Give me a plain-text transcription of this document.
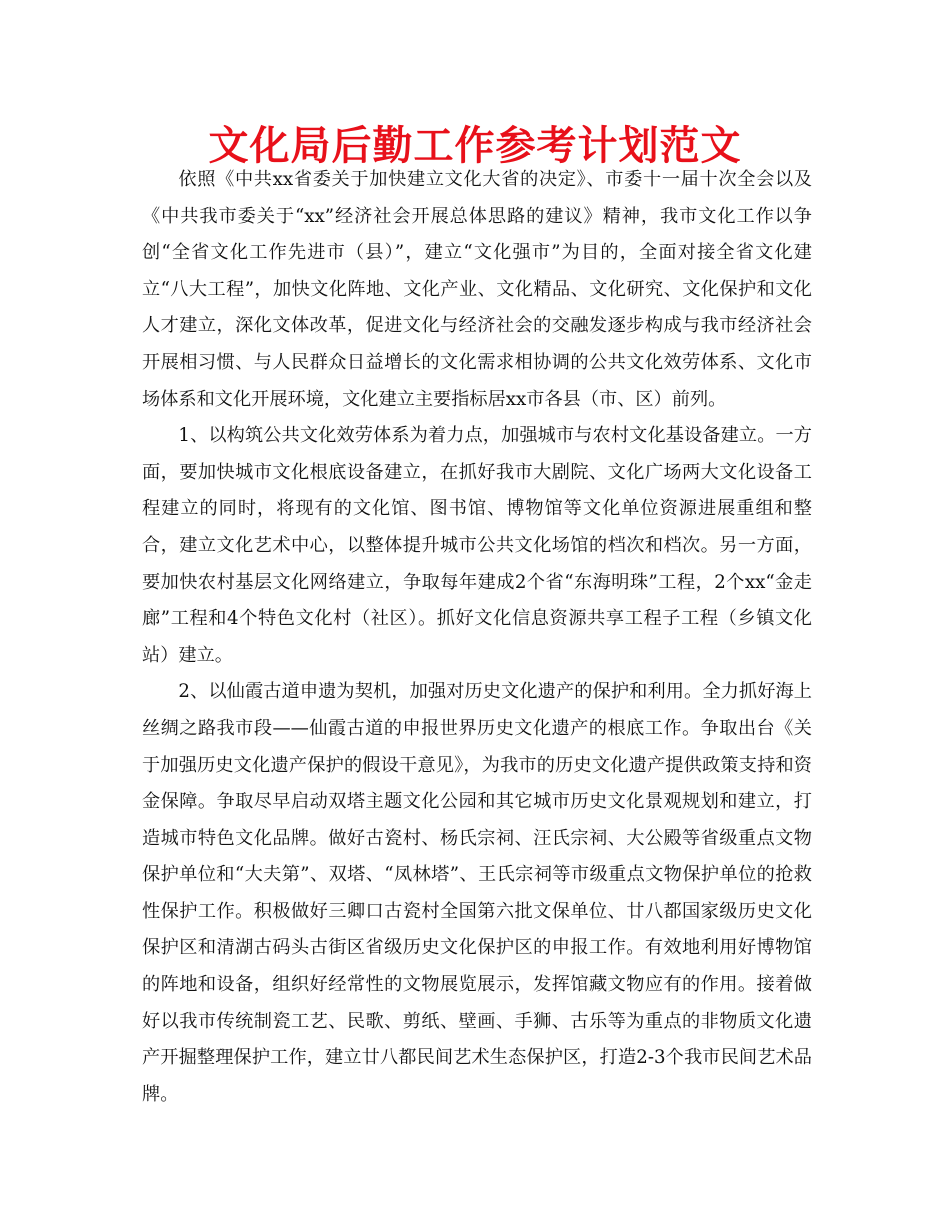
文化局后勤工作参考计划范文

依照《中共xx省委关于加快建立文化大省的决定》、市委十一届十次全会以及《中共我市委关于“xx”经济社会开展总体思路的建议》精神，我市文化工作以争创“全省文化工作先进市（县）”，建立“文化强市”为目的，全面对接全省文化建立“八大工程”，加快文化阵地、文化产业、文化精品、文化研究、文化保护和文化人才建立，深化文体改革，促进文化与经济社会的交融发逐步构成与我市经济社会开展相习惯、与人民群众日益增长的文化需求相协调的公共文化效劳体系、文化市场体系和文化开展环境，文化建立主要指标居xx市各县（市、区）前列。

1、以构筑公共文化效劳体系为着力点，加强城市与农村文化基设备建立。一方面，要加快城市文化根底设备建立，在抓好我市大剧院、文化广场两大文化设备工程建立的同时，将现有的文化馆、图书馆、博物馆等文化单位资源进展重组和整合，建立文化艺术中心，以整体提升城市公共文化场馆的档次和档次。另一方面，要加快农村基层文化网络建立，争取每年建成2个省“东海明珠”工程，2个xx“金走廊”工程和4个特色文化村（社区）。抓好文化信息资源共享工程子工程（乡镇文化站）建立。

2、以仙霞古道申遗为契机，加强对历史文化遗产的保护和利用。全力抓好海上丝绸之路我市段——仙霞古道的申报世界历史文化遗产的根底工作。争取出台《关于加强历史文化遗产保护的假设干意见》，为我市的历史文化遗产提供政策支持和资金保障。争取尽早启动双塔主题文化公园和其它城市历史文化景观规划和建立，打造城市特色文化品牌。做好古瓷村、杨氏宗祠、汪氏宗祠、大公殿等省级重点文物保护单位和“大夫第”、双塔、“凤林塔”、王氏宗祠等市级重点文物保护单位的抢救性保护工作。积极做好三卿口古瓷村全国第六批文保单位、廿八都国家级历史文化保护区和清湖古码头古街区省级历史文化保护区的申报工作。有效地利用好博物馆的阵地和设备，组织好经常性的文物展览展示，发挥馆藏文物应有的作用。接着做好以我市传统制瓷工艺、民歌、剪纸、壁画、手狮、古乐等为重点的非物质文化遗产开掘整理保护工作，建立廿八都民间艺术生态保护区，打造2-3个我市民间艺术品牌。
